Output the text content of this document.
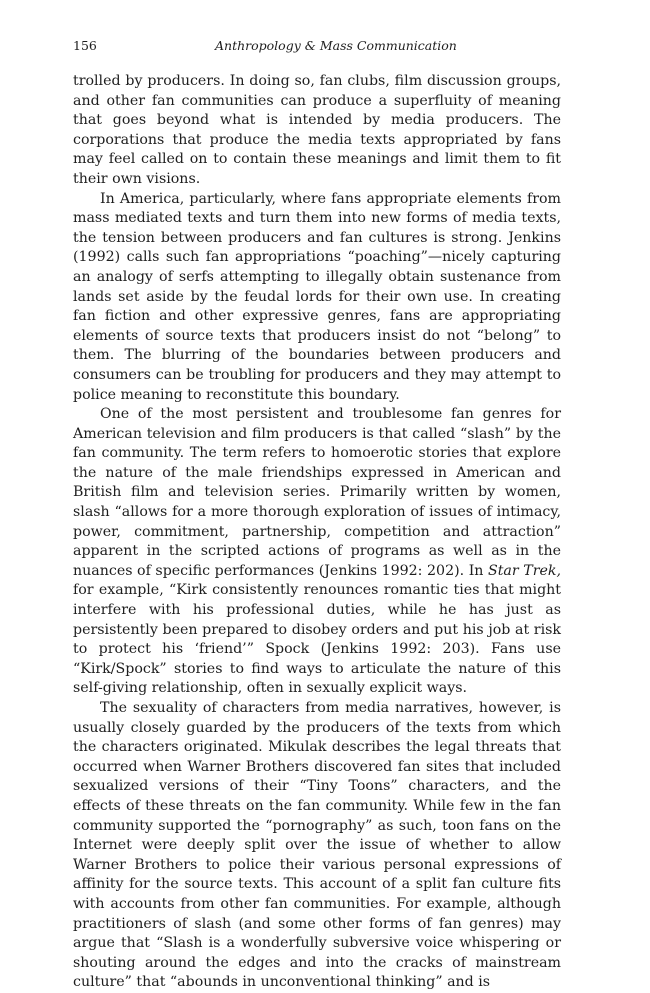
156	Anthropology & Mass Communication

trolled by producers. In doing so, fan clubs, film discussion groups, and other fan communities can produce a superfluity of meaning that goes beyond what is intended by media producers. The corporations that produce the media texts appropriated by fans may feel called on to contain these meanings and limit them to fit their own visions.

In America, particularly, where fans appropriate elements from mass mediated texts and turn them into new forms of media texts, the tension between producers and fan cultures is strong. Jenkins (1992) calls such fan appropriations “poaching”—nicely capturing an analogy of serfs attempting to illegally obtain sustenance from lands set aside by the feudal lords for their own use. In creating fan fiction and other expressive genres, fans are appropriating elements of source texts that producers insist do not “belong” to them. The blurring of the boundaries between producers and consumers can be troubling for producers and they may attempt to police meaning to reconstitute this boundary.

One of the most persistent and troublesome fan genres for American television and film producers is that called “slash” by the fan community. The term refers to homoerotic stories that explore the nature of the male friendships expressed in American and British film and television series. Primarily written by women, slash “allows for a more thorough exploration of issues of intimacy, power, commitment, partnership, competition and attraction” apparent in the scripted actions of programs as well as in the nuances of specific performances (Jenkins 1992: 202). In Star Trek, for example, “Kirk consistently renounces romantic ties that might interfere with his professional duties, while he has just as persistently been prepared to disobey orders and put his job at risk to protect his ‘friend’” Spock (Jenkins 1992: 203). Fans use “Kirk/Spock” stories to find ways to articulate the nature of this self-giving relationship, often in sexually explicit ways.

The sexuality of characters from media narratives, however, is usually closely guarded by the producers of the texts from which the characters originated. Mikulak describes the legal threats that occurred when Warner Brothers discovered fan sites that included sexualized versions of their “Tiny Toons” characters, and the effects of these threats on the fan community. While few in the fan community supported the “pornography” as such, toon fans on the Internet were deeply split over the issue of whether to allow Warner Brothers to police their various personal expressions of affinity for the source texts. This account of a split fan culture fits with accounts from other fan communities. For example, although practitioners of slash (and some other forms of fan genres) may argue that “Slash is a wonderfully subversive voice whispering or shouting around the edges and into the cracks of mainstream culture” that “abounds in unconventional thinking” and is
